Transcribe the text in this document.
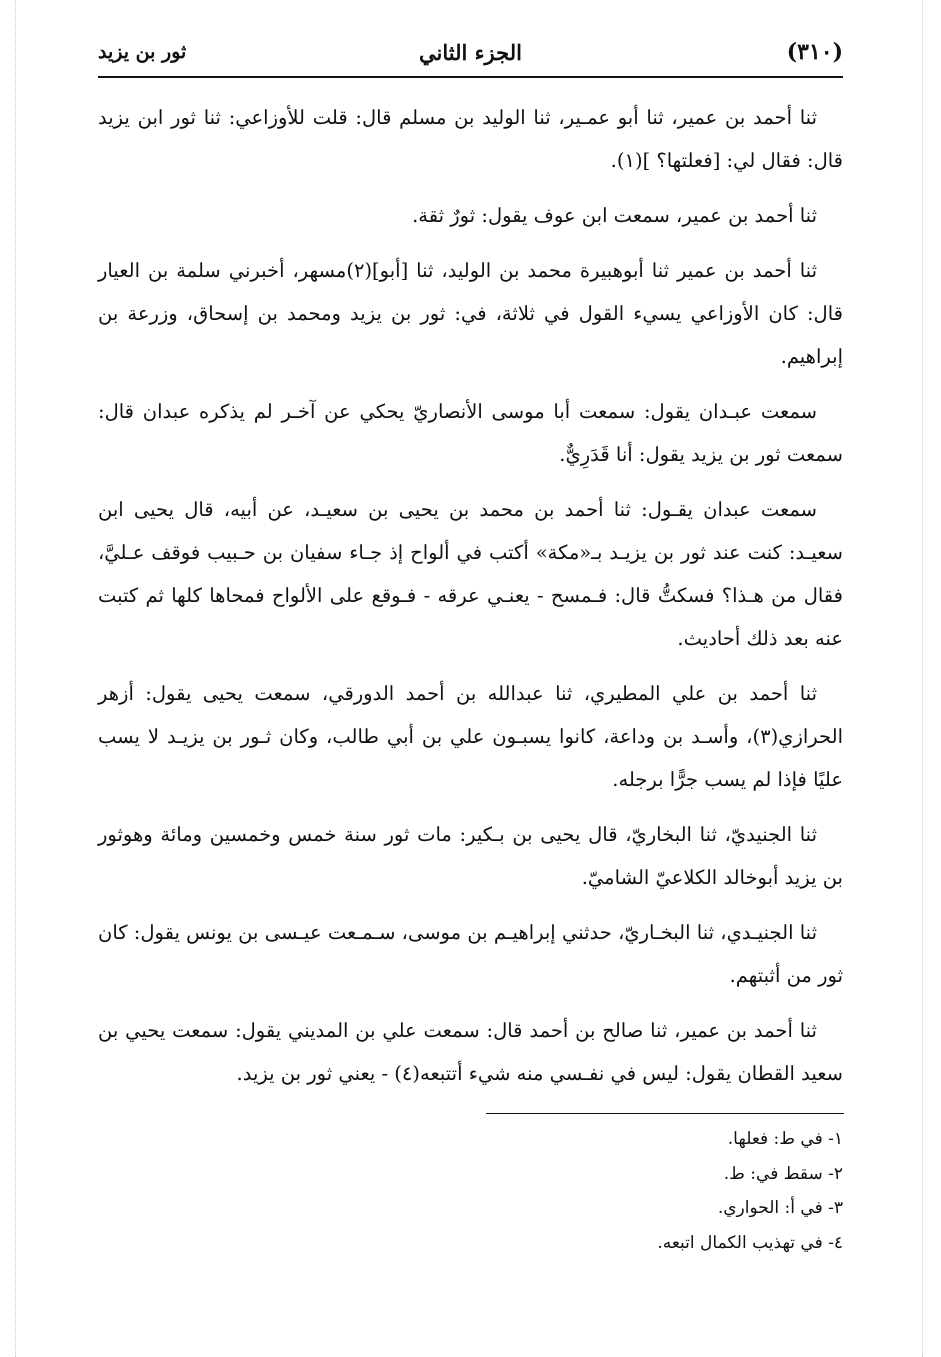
(٣١٠)
الجزء الثاني
ثور بن يزيد

ثنا أحمد بن عمير، ثنا أبو عمـير، ثنا الوليد بن مسلم قال: قلت للأوزاعي: ثنا ثور ابن يزيد قال: فقال لي: [فعلتها؟ ](١).

ثنا أحمد بن عمير، سمعت ابن عوف يقول: ثورٌ ثقة.

ثنا أحمد بن عمير ثنا أبوهبيرة محمد بن الوليد، ثنا [أبو](٢)مسهر، أخبرني سلمة بن العيار قال: كان الأوزاعي يسيء القول في ثلاثة، في: ثور بن يزيد ومحمد بن إسحاق، وزرعة بن إبراهيم.

سمعت عبـدان يقول: سمعت أبا موسى الأنصاريّ يحكي عن آخـر لم يذكره عبدان قال: سمعت ثور بن يزيد يقول: أنا قَدَرِيٌّ.

سمعت عبدان يقـول: ثنا أحمد بن محمد بن يحيى بن سعيـد، عن أبيه، قال يحيى ابن سعيـد: كنت عند ثور بن يزيـد بـ«مكة» أكتب في ألواح إذ جـاء سفيان بن حـبيب فوقف عـليَّ، فقال من هـذا؟ فسكتُّ قال: فـمسح - يعنـي عرقه - فـوقع على الألواح فمحاها كلها ثم كتبت عنه بعد ذلك أحاديث.

ثنا أحمد بن علي المطيري، ثنا عبدالله بن أحمد الدورقي، سمعت يحيى يقول: أزهر الحرازي(٣)، وأسـد بن وداعة، كانوا يسبـون علي بن أبي طالب، وكان ثـور بن يزيـد لا يسب عليًا فإذا لم يسب جرًّا برجله.

ثنا الجنيديّ، ثنا البخاريّ، قال يحيى بن بـكير: مات ثور سنة خمس وخمسين ومائة وهوثور بن يزيد أبوخالد الكلاعيّ الشاميّ.

ثنا الجنيـدي، ثنا البخـاريّ، حدثني إبراهيـم بن موسى، سـمـعت عيـسى بن يونس يقول: كان ثور من أثبتهم.

ثنا أحمد بن عمير، ثنا صالح بن أحمد قال: سمعت علي بن المديني يقول: سمعت يحيي بن سعيد القطان يقول: ليس في نفـسي منه شيء أتتبعه(٤) - يعني ثور بن يزيد.

١- في ط: فعلها.
٢- سقط في: ط.
٣- في أ: الحواري.
٤- في تهذيب الكمال اتبعه.
